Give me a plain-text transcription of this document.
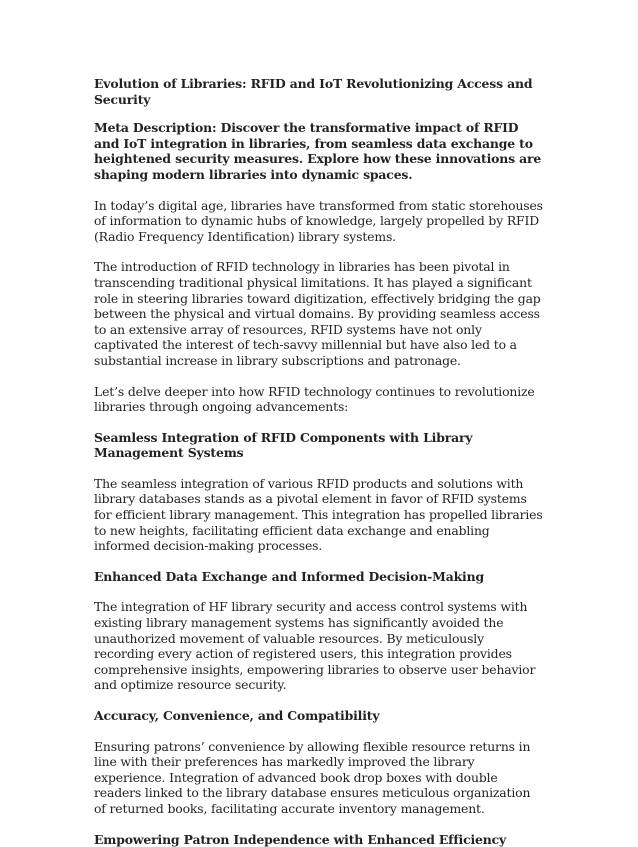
Evolution of Libraries: RFID and IoT Revolutionizing Access and Security

Meta Description: Discover the transformative impact of RFID and IoT integration in libraries, from seamless data exchange to heightened security measures. Explore how these innovations are shaping modern libraries into dynamic spaces.

In today’s digital age, libraries have transformed from static storehouses of information to dynamic hubs of knowledge, largely propelled by RFID (Radio Frequency Identification) library systems.

The introduction of RFID technology in libraries has been pivotal in transcending traditional physical limitations. It has played a significant role in steering libraries toward digitization, effectively bridging the gap between the physical and virtual domains. By providing seamless access to an extensive array of resources, RFID systems have not only captivated the interest of tech-savvy millennial but have also led to a substantial increase in library subscriptions and patronage.

Let’s delve deeper into how RFID technology continues to revolutionize libraries through ongoing advancements:

Seamless Integration of RFID Components with Library Management Systems

The seamless integration of various RFID products and solutions with library databases stands as a pivotal element in favor of RFID systems for efficient library management. This integration has propelled libraries to new heights, facilitating efficient data exchange and enabling informed decision-making processes.

Enhanced Data Exchange and Informed Decision-Making

The integration of HF library security and access control systems with existing library management systems has significantly avoided the unauthorized movement of valuable resources. By meticulously recording every action of registered users, this integration provides comprehensive insights, empowering libraries to observe user behavior and optimize resource security.

Accuracy, Convenience, and Compatibility

Ensuring patrons’ convenience by allowing flexible resource returns in line with their preferences has markedly improved the library experience. Integration of advanced book drop boxes with double readers linked to the library database ensures meticulous organization of returned books, facilitating accurate inventory management.

Empowering Patron Independence with Enhanced Efficiency
